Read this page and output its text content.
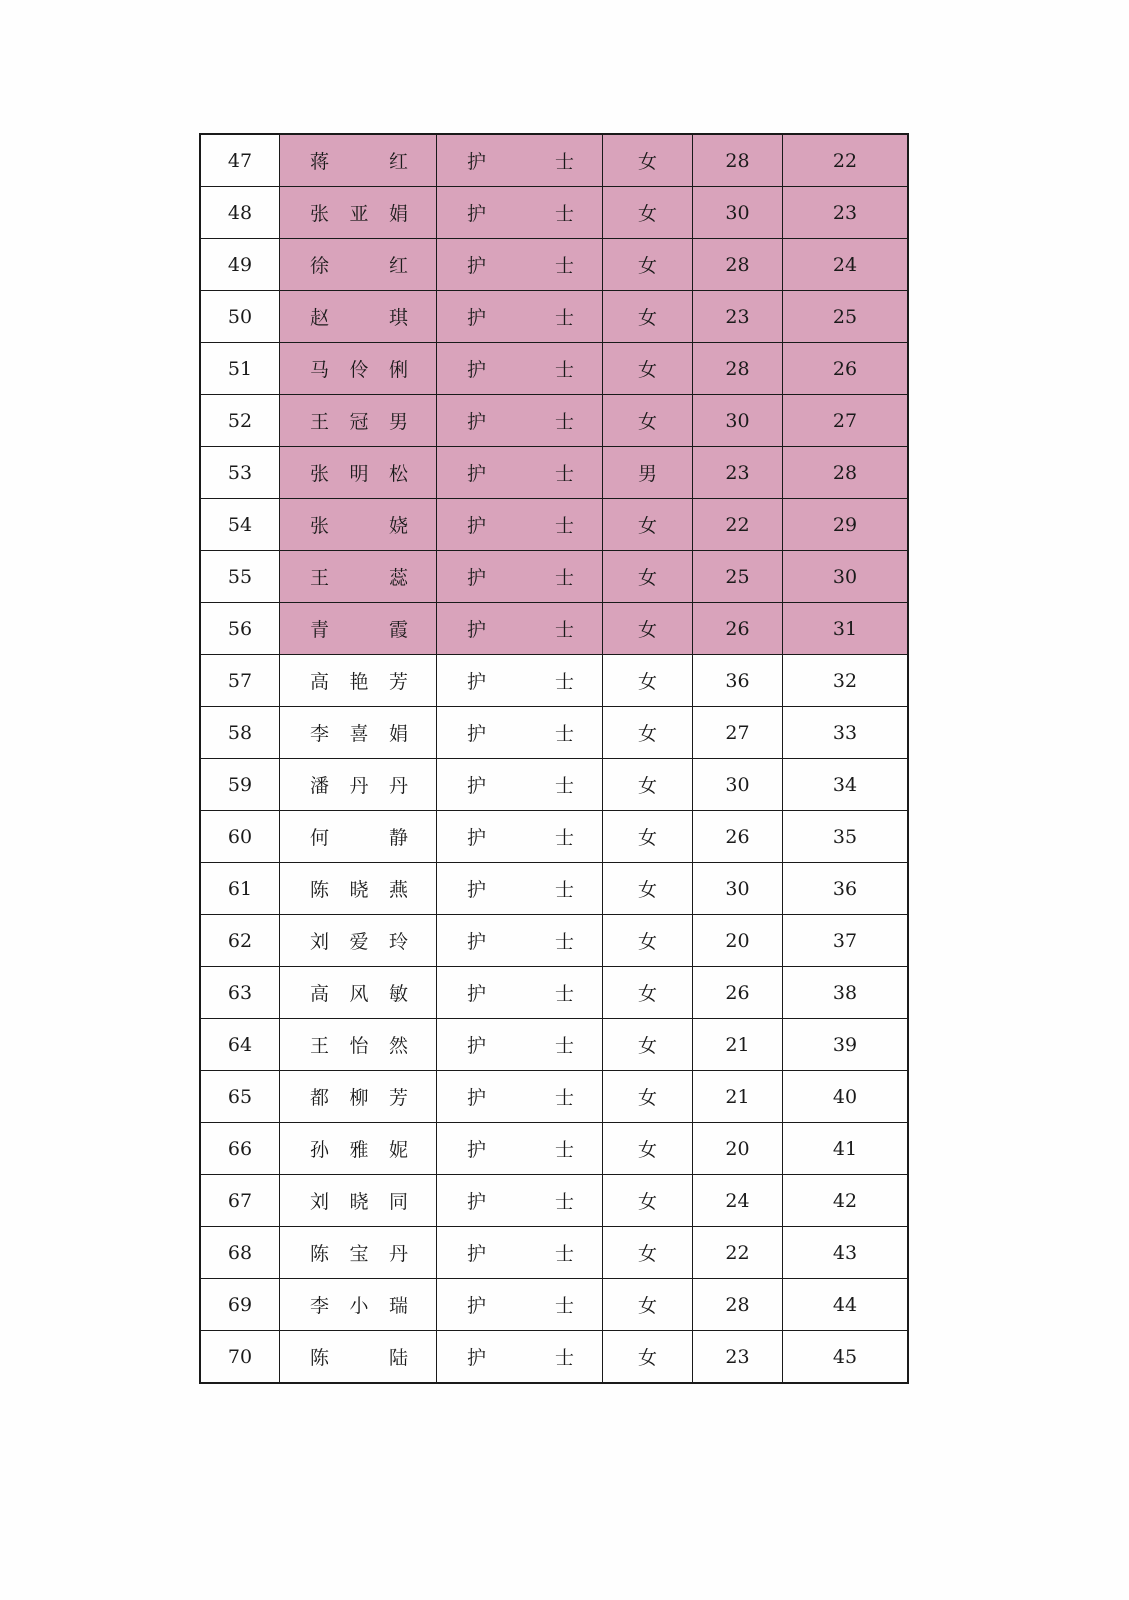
47	蒋 红	护 士	女	28	22
48	张 亚 娟	护 士	女	30	23
49	徐 红	护 士	女	28	24
50	赵 琪	护 士	女	23	25
51	马 伶 俐	护 士	女	28	26
52	王 冠 男	护 士	女	30	27
53	张 明 松	护 士	男	23	28
54	张 娆	护 士	女	22	29
55	王 蕊	护 士	女	25	30
56	青 霞	护 士	女	26	31
57	高 艳 芳	护 士	女	36	32
58	李 喜 娟	护 士	女	27	33
59	潘 丹 丹	护 士	女	30	34
60	何 静	护 士	女	26	35
61	陈 晓 燕	护 士	女	30	36
62	刘 爱 玲	护 士	女	20	37
63	高 风 敏	护 士	女	26	38
64	王 怡 然	护 士	女	21	39
65	都 柳 芳	护 士	女	21	40
66	孙 雅 妮	护 士	女	20	41
67	刘 晓 同	护 士	女	24	42
68	陈 宝 丹	护 士	女	22	43
69	李 小 瑞	护 士	女	28	44
70	陈 陆	护 士	女	23	45
